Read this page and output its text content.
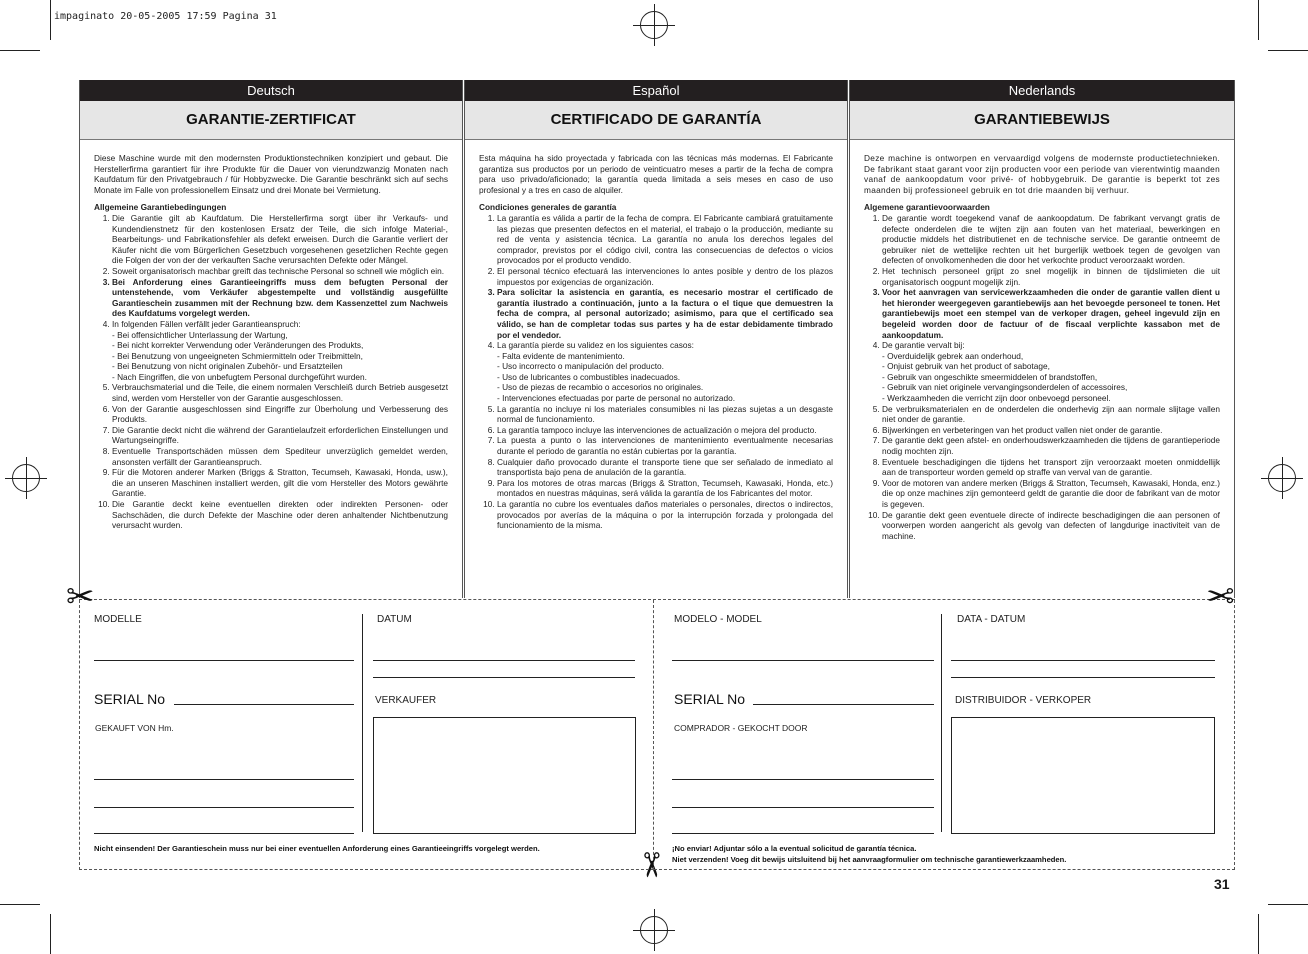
impaginato 20-05-2005 17:59 Pagina 31
Deutsch
GARANTIE-ZERTIFICAT

Diese Maschine wurde mit den modernsten Produktionstechniken konzipiert und gebaut. Die Herstellerfirma garantiert für ihre Produkte für die Dauer von vierundzwanzig Monaten nach Kaufdatum für den Privatgebrauch / für Hobbyzwecke. Die Garantie beschränkt sich auf sechs Monate im Falle von professionellem Einsatz und drei Monate bei Vermietung.

Allgemeine Garantiebedingungen

1. Die Garantie gilt ab Kaufdatum. Die Herstellerfirma sorgt über ihr Verkaufs- und Kundendienstnetz für den kostenlosen Ersatz der Teile, die sich infolge Material-, Bearbeitungs- und Fabrikationsfehler als defekt erweisen. Durch die Garantie verliert der Käufer nicht die vom Bürgerlichen Gesetzbuch vorgesehenen gesetzlichen Rechte gegen die Folgen der von der der verkauften Sache verursachten Defekte oder Mängel.
2. Soweit organisatorisch machbar greift das technische Personal so schnell wie möglich ein.
3. Bei Anforderung eines Garantieeingriffs muss dem befugten Personal der untenstehende, vom Verkäufer abgestempelte und vollständig ausgefüllte Garantieschein zusammen mit der Rechnung bzw. dem Kassenzettel zum Nachweis des Kaufdatums vorgelegt werden.
4. In folgenden Fällen verfällt jeder Garantieanspruch:
- Bei offensichtlicher Unterlassung der Wartung,
- Bei nicht korrekter Verwendung oder Veränderungen des Produkts,
- Bei Benutzung von ungeeigneten Schmiermitteln oder Treibmitteln,
- Bei Benutzung von nicht originalen Zubehör- und Ersatzteilen
- Nach Eingriffen, die von unbefugtem Personal durchgeführt wurden.
5. Verbrauchsmaterial und die Teile, die einem normalen Verschleiß durch Betrieb ausgesetzt sind, werden vom Hersteller von der Garantie ausgeschlossen.
6. Von der Garantie ausgeschlossen sind Eingriffe zur Überholung und Verbesserung des Produkts.
7. Die Garantie deckt nicht die während der Garantielaufzeit erforderlichen Einstellungen und Wartungseingriffe.
8. Eventuelle Transportschäden müssen dem Spediteur unverzüglich gemeldet werden, ansonsten verfällt der Garantieanspruch.
9. Für die Motoren anderer Marken (Briggs & Stratton, Tecumseh, Kawasaki, Honda, usw.), die an unseren Maschinen installiert werden, gilt die vom Hersteller des Motors gewährte Garantie.
10. Die Garantie deckt keine eventuellen direkten oder indirekten Personen- oder Sachschäden, die durch Defekte der Maschine oder deren anhaltender Nichtbenutzung verursacht wurden.
Español
CERTIFICADO DE GARANTÍA

Esta máquina ha sido proyectada y fabricada con las técnicas más modernas. El Fabricante garantiza sus productos por un periodo de veinticuatro meses a partir de la fecha de compra para uso privado/aficionado; la garantía queda limitada a seis meses en caso de uso profesional y a tres en caso de alquiler.

Condiciones generales de garantía

1. La garantía es válida a partir de la fecha de compra. El Fabricante cambiará gratuitamente las piezas que presenten defectos en el material, el trabajo o la producción, mediante su red de venta y asistencia técnica. La garantía no anula los derechos legales del comprador, previstos por el código civil, contra las consecuencias de defectos o vicios provocados por el producto vendido.
2. El personal técnico efectuará las intervenciones lo antes posible y dentro de los plazos impuestos por exigencias de organización.
3. Para solicitar la asistencia en garantía, es necesario mostrar el certificado de garantía ilustrado a continuación, junto a la factura o el tique que demuestren la fecha de compra, al personal autorizado; asimismo, para que el certificado sea válido, se han de completar todas sus partes y ha de estar debidamente timbrado por el vendedor.
4. La garantía pierde su validez en los siguientes casos:
- Falta evidente de mantenimiento.
- Uso incorrecto o manipulación del producto.
- Uso de lubricantes o combustibles inadecuados.
- Uso de piezas de recambio o accesorios no originales.
- Intervenciones efectuadas por parte de personal no autorizado.
5. La garantía no incluye ni los materiales consumibles ni las piezas sujetas a un desgaste normal de funcionamiento.
6. La garantía tampoco incluye las intervenciones de actualización o mejora del producto.
7. La puesta a punto o las intervenciones de mantenimiento eventualmente necesarias durante el periodo de garantía no están cubiertas por la garantía.
8. Cualquier daño provocado durante el transporte tiene que ser señalado de inmediato al transportista bajo pena de anulación de la garantía.
9. Para los motores de otras marcas (Briggs & Stratton, Tecumseh, Kawasaki, Honda, etc.) montados en nuestras máquinas, será válida la garantía de los Fabricantes del motor.
10. La garantía no cubre los eventuales daños materiales o personales, directos o indirectos, provocados por averías de la máquina o por la interrupción forzada y prolongada del funcionamiento de la misma.
Nederlands
GARANTIEBEWIJS

Deze machine is ontworpen en vervaardigd volgens de modernste productietechnieken. De fabrikant staat garant voor zijn producten voor een periode van vierentwintig maanden vanaf de aankoopdatum voor privé- of hobbygebruik. De garantie is beperkt tot zes maanden bij professioneel gebruik en tot drie maanden bij verhuur.

Algemene garantievoorwaarden

1. De garantie wordt toegekend vanaf de aankoopdatum. De fabrikant vervangt gratis de defecte onderdelen die te wijten zijn aan fouten van het materiaal, bewerkingen en productie middels het distributienet en de technische service. De garantie ontneemt de gebruiker niet de wettelijke rechten uit het burgerlijk wetboek tegen de gevolgen van defecten of onvolkomenheden die door het verkochte product veroorzaakt worden.
2. Het technisch personeel grijpt zo snel mogelijk in binnen de tijdslimieten die uit organisatorisch oogpunt mogelijk zijn.
3. Voor het aanvragen van servicewerkzaamheden die onder de garantie vallen dient u het hieronder weergegeven garantiebewijs aan het bevoegde personeel te tonen. Het garantiebewijs moet een stempel van de verkoper dragen, geheel ingevuld zijn en begeleid worden door de factuur of de fiscaal verplichte kassabon met de aankoopdatum.
4. De garantie vervalt bij:
- Overduidelijk gebrek aan onderhoud,
- Onjuist gebruik van het product of sabotage,
- Gebruik van ongeschikte smeermiddelen of brandstoffen,
- Gebruik van niet originele vervangingsonderdelen of accessoires,
- Werkzaamheden die verricht zijn door onbevoegd personeel.
5. De verbruiksmaterialen en de onderdelen die onderhevig zijn aan normale slijtage vallen niet onder de garantie.
6. Bijwerkingen en verbeteringen van het product vallen niet onder de garantie.
7. De garantie dekt geen afstel- en onderhoudswerkzaamheden die tijdens de garantieperiode nodig mochten zijn.
8. Eventuele beschadigingen die tijdens het transport zijn veroorzaakt moeten onmiddellijk aan de transporteur worden gemeld op straffe van verval van de garantie.
9. Voor de motoren van andere merken (Briggs & Stratton, Tecumseh, Kawasaki, Honda, enz.) die op onze machines zijn gemonteerd geldt de garantie die door de fabrikant van de motor is gegeven.
10. De garantie dekt geen eventuele directe of indirecte beschadigingen die aan personen of voorwerpen worden aangericht als gevolg van defecten of langdurige inactiviteit van de machine.
✂	✂
✂
MODELLE	DATUM
SERIAL No	VERKAUFER
GEKAUFT VON Hm.
Nicht einsenden! Der Garantieschein muss nur bei einer eventuellen Anforderung eines Garantieeingriffs vorgelegt werden.
MODELO - MODEL	DATA - DATUM
SERIAL No	DISTRIBUIDOR - VERKOPER
COMPRADOR - GEKOCHT DOOR
¡No enviar! Adjuntar sólo a la eventual solicitud de garantía técnica.
Niet verzenden! Voeg dit bewijs uitsluitend bij het aanvraagformulier om technische garantiewerkzaamheden.
31
